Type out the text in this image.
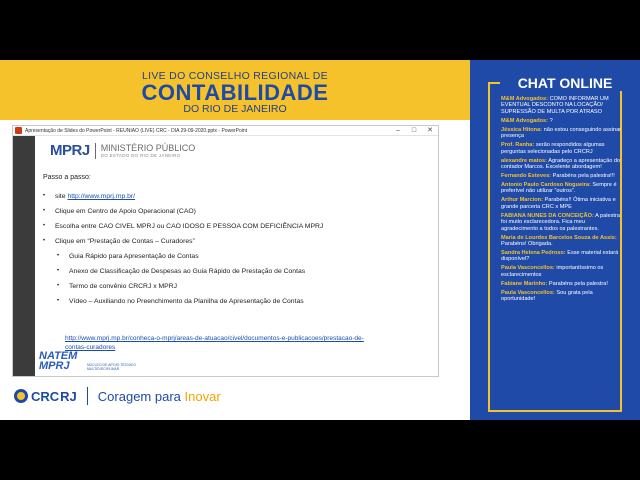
LIVE DO CONSELHO REGIONAL DE
CONTABILIDADE
DO RIO DE JANEIRO
Apresentação de Slides do PowerPoint - REUNIÃO (LIVE) CRC - DIA 29-09-2020.pptx - PowerPoint	–	□	✕
MPRJ MINISTÉRIO PÚBLICO
DO ESTADO DO RIO DE JANEIRO
Passo a passo:
•	site http://www.mprj.mp.br/
•	Clique em Centro de Apoio Operacional (CAO)
•	Escolha entre CAO CIVEL MPRJ ou CAO IDOSO E PESSOA COM DEFICIÊNCIA MPRJ
•	Clique em “Prestação de Contas – Curadores”
•	Guia Rápido para Apresentação de Contas
•	Anexo de Classificação de Despesas ao Guia Rápido de Prestação de Contas
•	Termo de convênio CRCRJ x MPRJ
•	Vídeo – Auxiliando no Preenchimento da Planilha de Apresentação de Contas
http://www.mprj.mp.br/conheca-o-mprj/areas-de-atuacao/civel/documentos-e-publicacoes/prestacao-de-contas-curadores
NATEM
MPRJ	NÚCLEO DE APOIO TÉCNICO MULTIDISCIPLINAR
CRC RJ Coragem para Inovar
CHAT ONLINE
M&M Advogados: COMO INFORMAR UM EVENTUAL DESCONTO NA LOCAÇÃO/ SUPRESSÃO DE MULTA POR ATRASO
M&M Advogados: ?
Jéssica Hitona: não estou conseguindo assinar presença
Prof. Ranha: serão respondidos algumas perguntas selecionadas pelo CRCRJ
alexandre matos: Agradeço a apresentação do contador Marcos. Excelente abordagem!
Fernando Esteves: Parabéns pela palestra!!!
Antonio Paulo Cardoso Nogueira: Sempre é preferível não utilizar “outros”.
Arthur Marcion: Parabéns!! Ótima iniciativa e grande parceria CRC x MPE
FABIANA NUNES DA CONCEIÇÃO: A palestra foi muito esclarecedora. Fica meu agradecimento a todos os palestrantes.
Maria de Lourdes Barcelos Souza de Assis: Parabéns! Obrigada.
Sandra Helena Pedroso: Esse material estará disponível?
Paula Vasconcellos: importantíssimo os esclarecimentos
Fabiane Marinho: Parabéns pela palestra!
Paula Vasconcellos: Sou grata pela oportunidade!
